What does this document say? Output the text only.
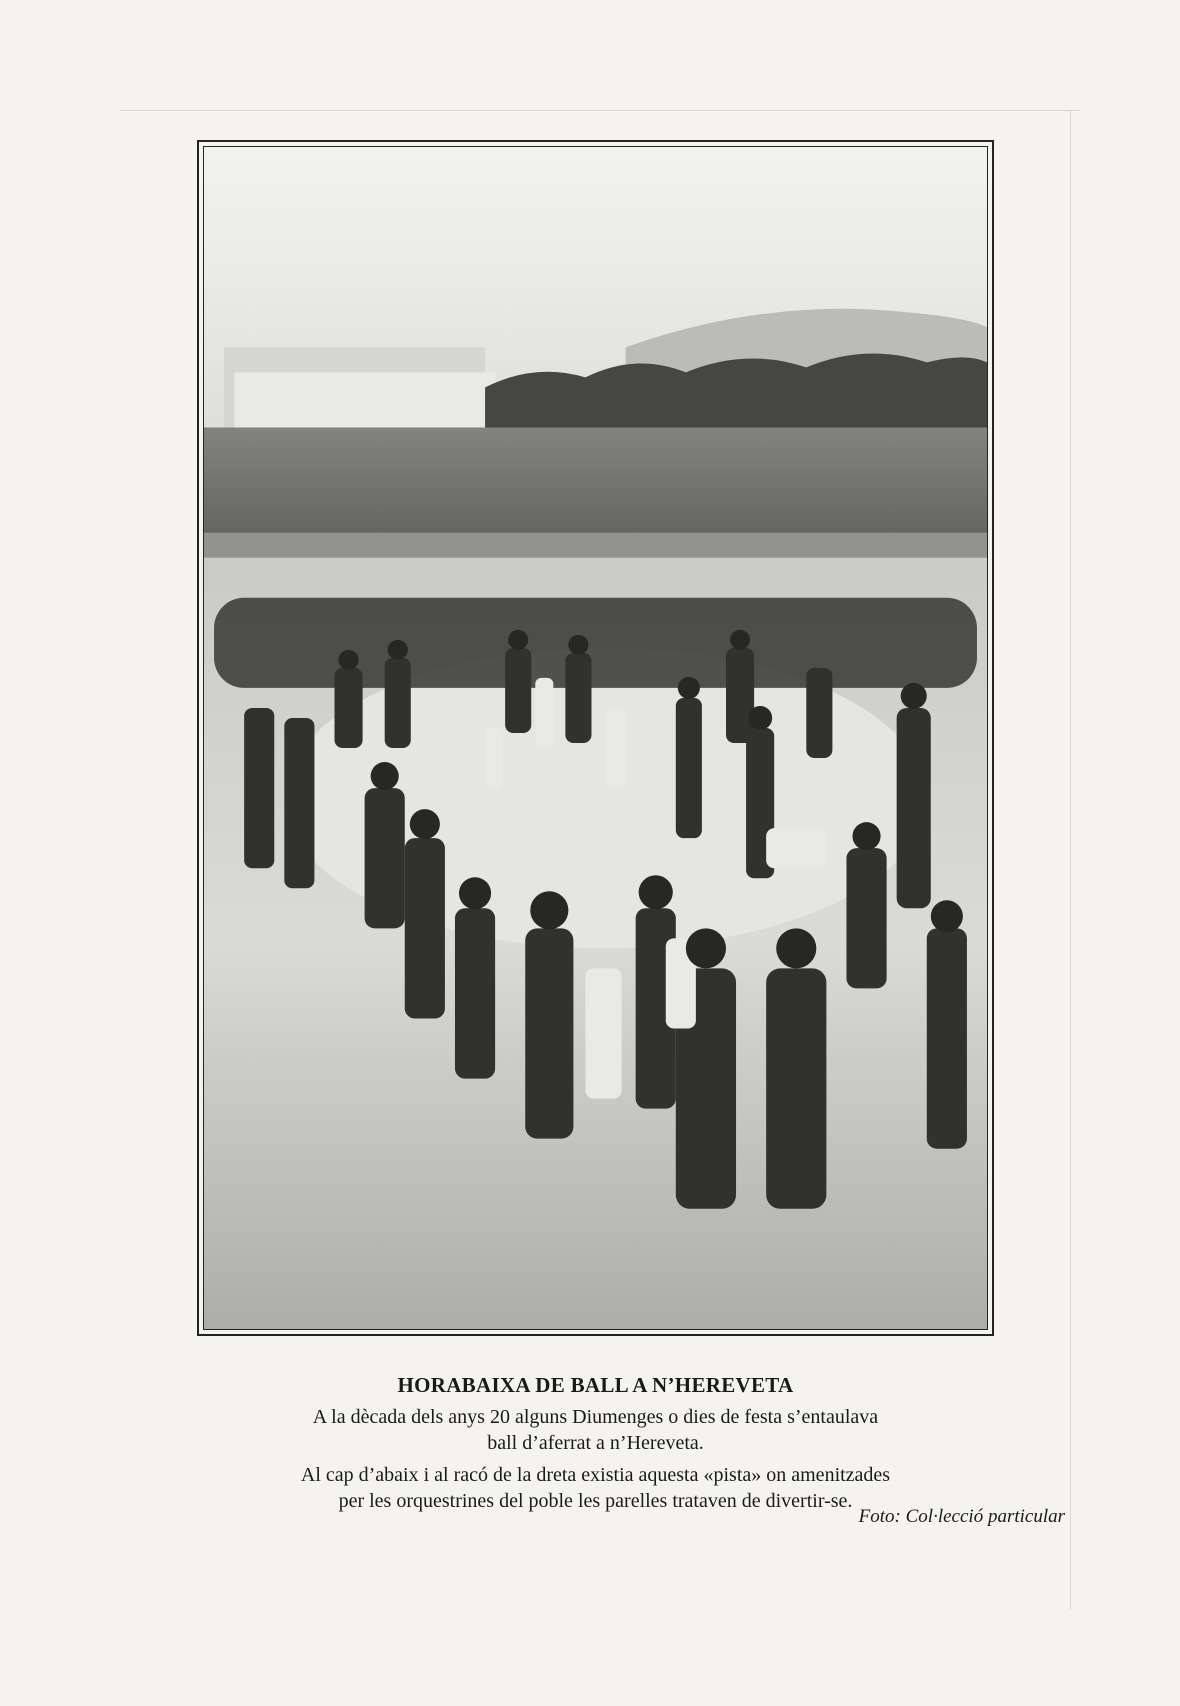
HORABAIXA DE BALL A N’HEREVETA

A la dècada dels anys 20 alguns Diumenges o dies de festa s’entaulava

ball d’aferrat a n’Hereveta.

Al cap d’abaix i al racó de la dreta existia aquesta «pista» on amenitzades

per les orquestrines del poble les parelles trataven de divertir-se.

Foto: Col·lecció particular
